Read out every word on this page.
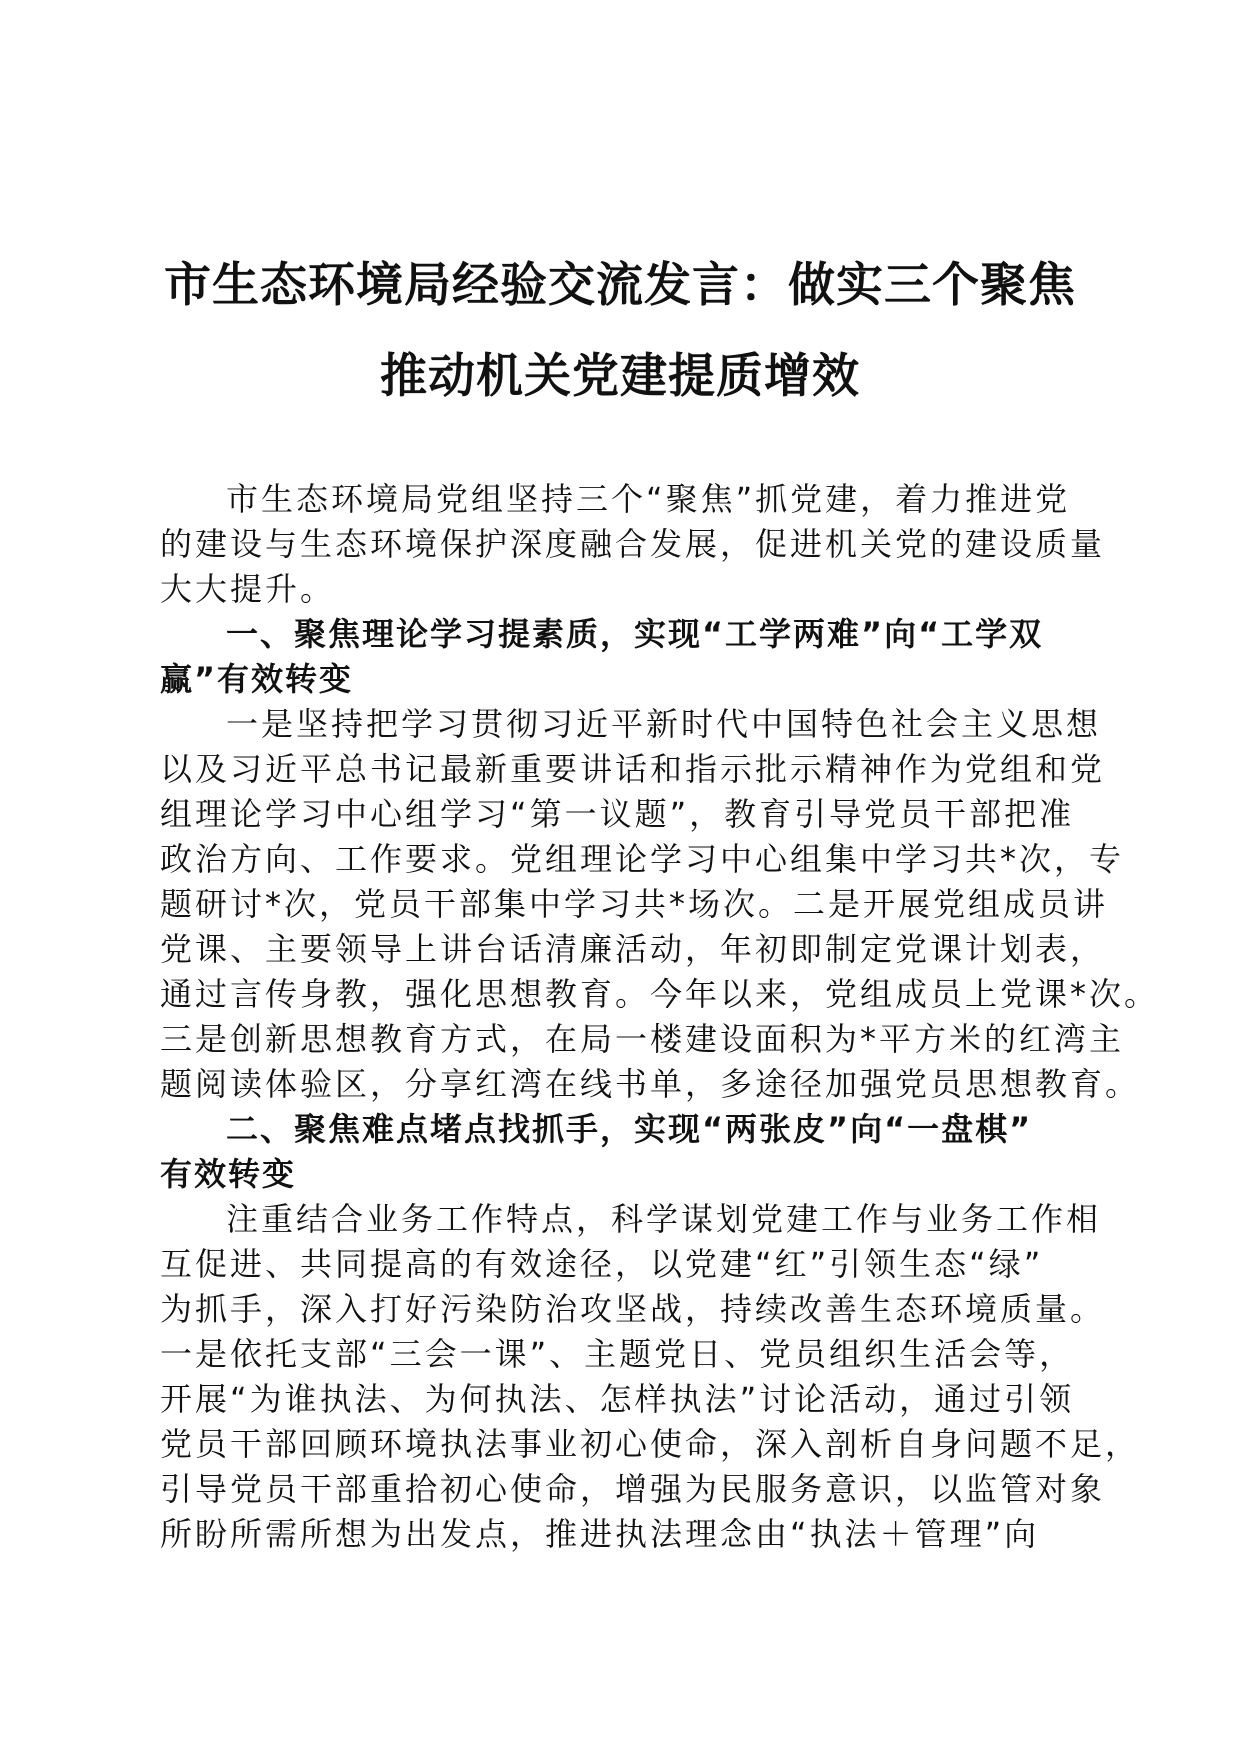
市生态环境局经验交流发言：做实三个聚焦
推动机关党建提质增效
市生态环境局党组坚持三个“聚焦”抓党建，着力推进党
的建设与生态环境保护深度融合发展，促进机关党的建设质量
大大提升。
一、聚焦理论学习提素质，实现“工学两难”向“工学双
赢”有效转变
一是坚持把学习贯彻习近平新时代中国特色社会主义思想
以及习近平总书记最新重要讲话和指示批示精神作为党组和党
组理论学习中心组学习“第一议题”，教育引导党员干部把准
政治方向、工作要求。党组理论学习中心组集中学习共*次，专
题研讨*次，党员干部集中学习共*场次。二是开展党组成员讲
党课、主要领导上讲台话清廉活动，年初即制定党课计划表，
通过言传身教，强化思想教育。今年以来，党组成员上党课*次。
三是创新思想教育方式，在局一楼建设面积为*平方米的红湾主
题阅读体验区，分享红湾在线书单，多途径加强党员思想教育。
二、聚焦难点堵点找抓手，实现“两张皮”向“一盘棋”
有效转变
注重结合业务工作特点，科学谋划党建工作与业务工作相
互促进、共同提高的有效途径，以党建“红”引领生态“绿”
为抓手，深入打好污染防治攻坚战，持续改善生态环境质量。
一是依托支部“三会一课”、主题党日、党员组织生活会等，
开展“为谁执法、为何执法、怎样执法”讨论活动，通过引领
党员干部回顾环境执法事业初心使命，深入剖析自身问题不足，
引导党员干部重拾初心使命，增强为民服务意识，以监管对象
所盼所需所想为出发点，推进执法理念由“执法＋管理”向
